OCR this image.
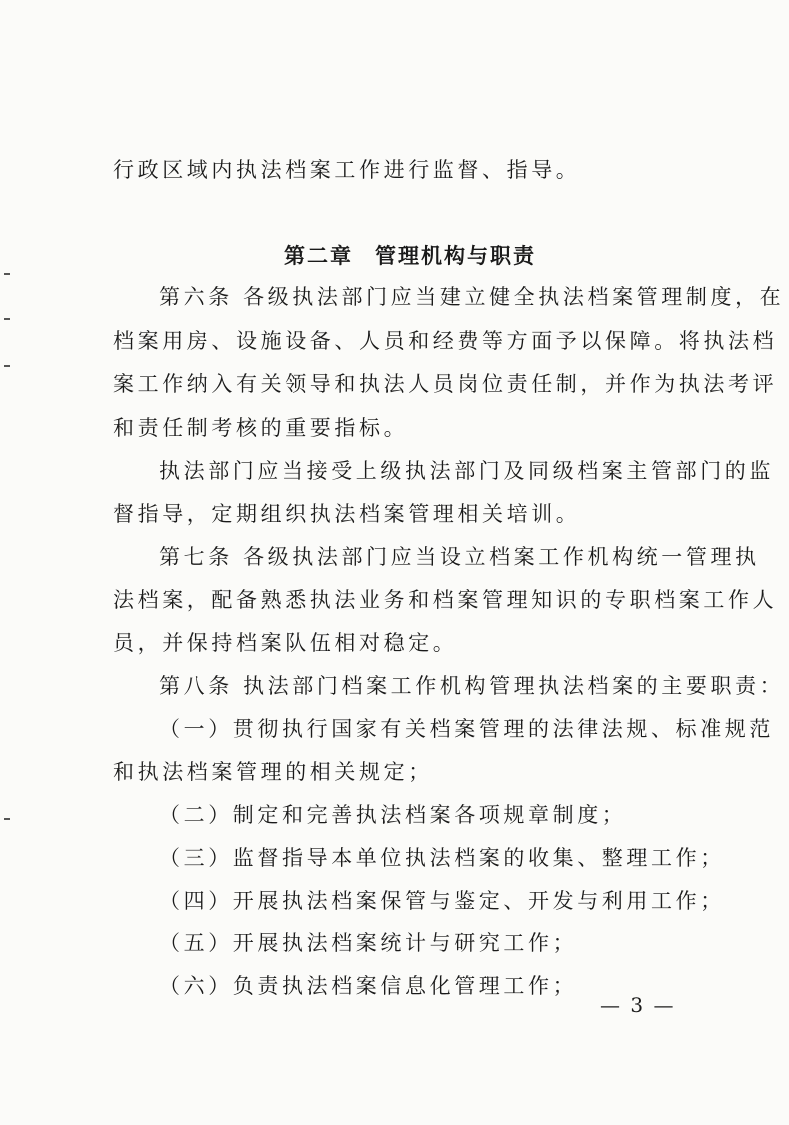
行政区域内执法档案工作进行监督、指导。
第二章 管理机构与职责
第六条 各级执法部门应当建立健全执法档案管理制度，在
档案用房、设施设备、人员和经费等方面予以保障。将执法档
案工作纳入有关领导和执法人员岗位责任制，并作为执法考评
和责任制考核的重要指标。
执法部门应当接受上级执法部门及同级档案主管部门的监
督指导，定期组织执法档案管理相关培训。
第七条 各级执法部门应当设立档案工作机构统一管理执
法档案，配备熟悉执法业务和档案管理知识的专职档案工作人
员，并保持档案队伍相对稳定。
第八条 执法部门档案工作机构管理执法档案的主要职责：
（一）贯彻执行国家有关档案管理的法律法规、标准规范
和执法档案管理的相关规定；
（二）制定和完善执法档案各项规章制度；
（三）监督指导本单位执法档案的收集、整理工作；
（四）开展执法档案保管与鉴定、开发与利用工作；
（五）开展执法档案统计与研究工作；
（六）负责执法档案信息化管理工作；
— 3 —
